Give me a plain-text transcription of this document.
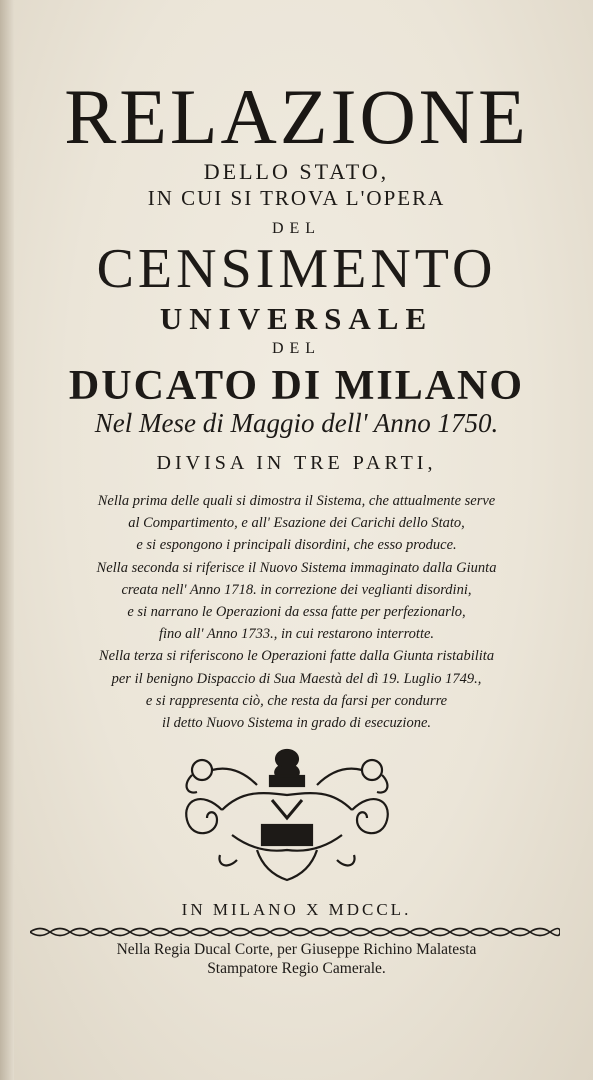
RELAZIONE
DELLO STATO,
IN CUI SI TROVA L'OPERA
DEL
CENSIMENTO
UNIVERSALE
DEL
DUCATO DI MILANO
Nel Mese di Maggio dell' Anno 1750.
DIVISA IN TRE PARTI,
Nella prima delle quali si dimostra il Sistema, che attualmente serve
al Compartimento, e all' Esazione dei Carichi dello Stato,
e si espongono i principali disordini, che esso produce.
Nella seconda si riferisce il Nuovo Sistema immaginato dalla Giunta
creata nell' Anno 1718. in correzione dei veglianti disordini,
e si narrano le Operazioni da essa fatte per perfezionarlo,
fino all' Anno 1733., in cui restarono interrotte.
Nella terza si riferiscono le Operazioni fatte dalla Giunta ristabilita
per il benigno Dispaccio di Sua Maestà del dì 19. Luglio 1749.,
e si rappresenta ciò, che resta da farsi per condurre
il detto Nuovo Sistema in grado di esecuzione.
IN MILANO X MDCCL.
Nella Regia Ducal Corte, per Giuseppe Richino Malatesta
Stampatore Regio Camerale.
